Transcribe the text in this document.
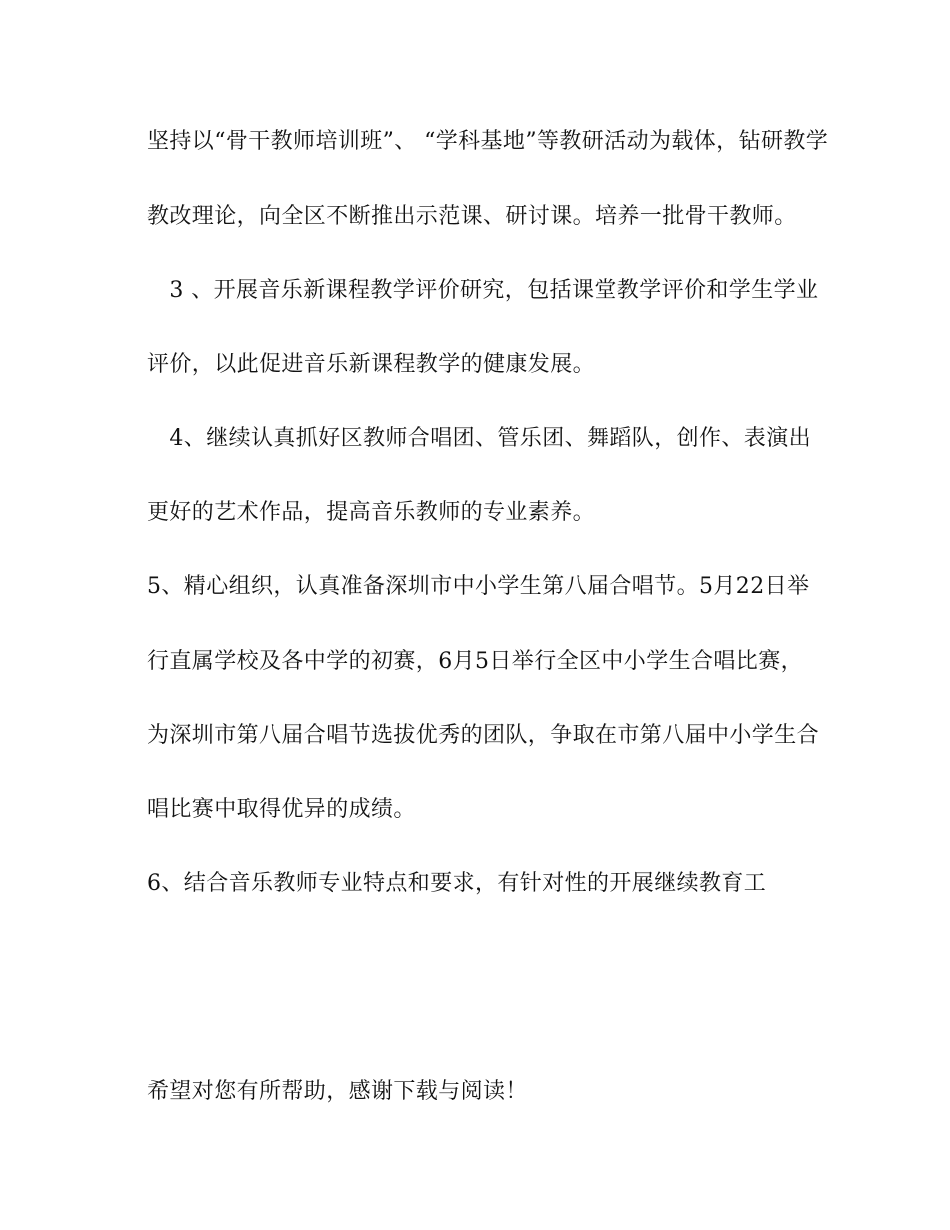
坚持以“骨干教师培训班”、 “学科基地”等教研活动为载体，钻研教学
教改理论，向全区不断推出示范课、研讨课。培养一批骨干教师。
　3 、开展音乐新课程教学评价研究，包括课堂教学评价和学生学业
评价，以此促进音乐新课程教学的健康发展。
　4、继续认真抓好区教师合唱团、管乐团、舞蹈队，创作、表演出
更好的艺术作品，提高音乐教师的专业素养。
5、精心组织，认真准备深圳市中小学生第八届合唱节。5月22日举
行直属学校及各中学的初赛，6月5日举行全区中小学生合唱比赛，
为深圳市第八届合唱节选拔优秀的团队，争取在市第八届中小学生合
唱比赛中取得优异的成绩。
6、结合音乐教师专业特点和要求，有针对性的开展继续教育工
希望对您有所帮助，感谢下载与阅读！
